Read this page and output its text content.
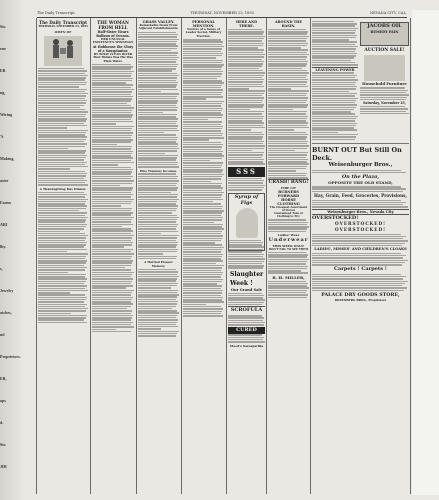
Sts.
ene
ER
ng,
Wiring
'S
Making,
aster
Farms
ARI
llty.
s,
Jewelry
atches,
nd
Proprietors.
ER,
ops
d.
Sto
JIH
The Daily Transcript.	THURSDAY, NOVEMBER 23, 1893.	NEVADA CITY, CAL.
The Daily Transcript
THURSDAY, NOVEMBER 23, 1893
OMEN OF
A Thanksgiving Day Dinner.
THE WOMAN FROM HELL
Half-Sister Hears Balloon of Oceans.
HER UNUSUAL EXISTENCE'S WINNINGS
At Hobhouse the Glory of a Sauspinnior.
BY WHAT CLEAN RIVER
That Thinks Was His Was Plain Water.
GRASS VALLEY.
Remarkable Items From Adjacent Establishments.
Pine Tramway Incomes.
A Hurried Pioneer Memory.
PERSONAL MENTION.
Notices of a Sense of Leader Social, Military Traction.
HERE AND THERE.
SSS
Syrup of Figs
Slaughter Week !
Our Grand Sale
SCROFULA
CURED
Mood's Sarsaparilla
AROUND THE BASIN.
CRASH! BANG!
FIRE LIT
BURNERS
FORWARD
HORSE
CLOTHING
The Cheapest Assortment of Stoves
Guaranteed Tons of Clothing to Try!
Ladies' Wear
Underwear
THIS WEEK ONLY!
DON'T FAIL TO SEE THEM
R. H. MILLER,
LEAVENING POWER
JACOBS OIL
REMEDY PAIN
AUCTION SALE!
Household Furniture
Saturday, November 25,
BURNT OUT But Still On Deck.
Weisenburger Bros.,
On the Plaza,
OPPOSITE THE OLD STAND,
Hay, Grain, Feed, Groceries, Provisions,
Weisenburger Bros., Nevada City
OVERSTOCKED!
OVERSTOCKED! OVERSTOCKED!
LADIES', MISSES' AND CHILDREN'S CLOAKS
Carpets ! Carpets !
PALACE DRY GOODS STORE,
ROSENBERG BROS., Proprietors
